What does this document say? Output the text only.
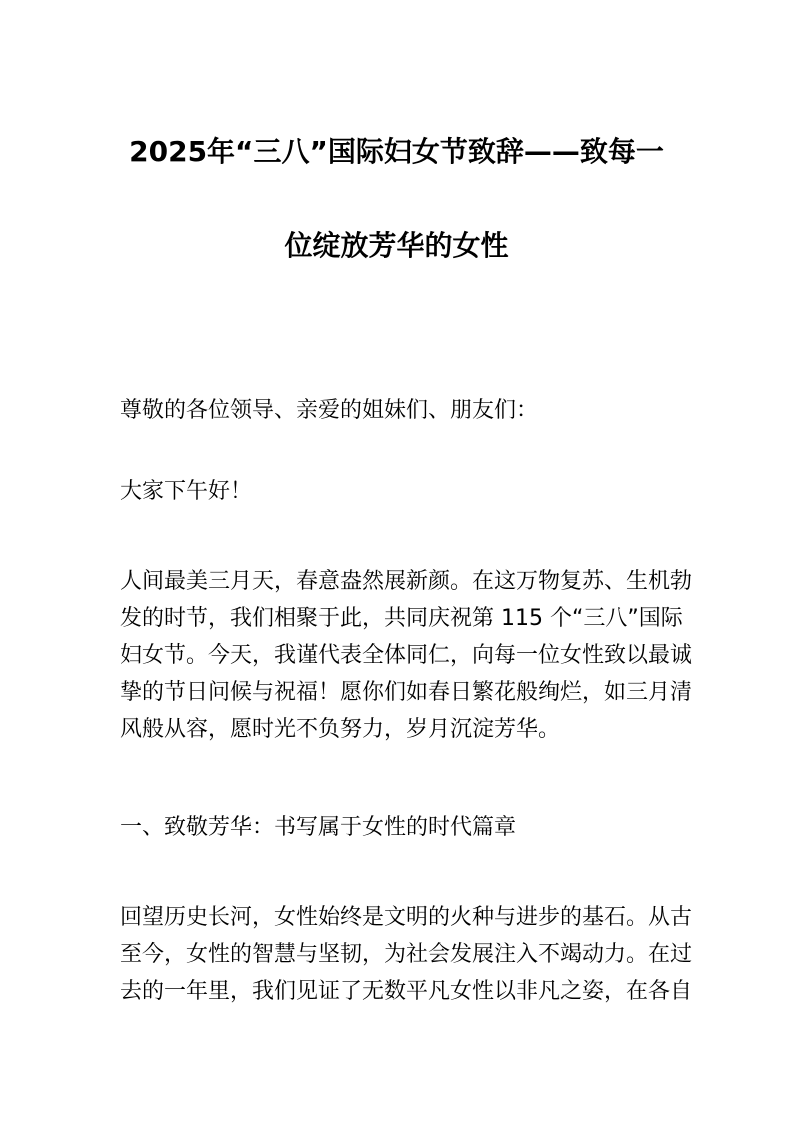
2025年“三八”国际妇女节致辞——致每一
位绽放芳华的女性
尊敬的各位领导、亲爱的姐妹们、朋友们：
大家下午好！
人间最美三月天，春意盎然展新颜。在这万物复苏、生机勃
发的时节，我们相聚于此，共同庆祝第 115 个“三八”国际
妇女节。今天，我谨代表全体同仁，向每一位女性致以最诚
挚的节日问候与祝福！愿你们如春日繁花般绚烂，如三月清
风般从容，愿时光不负努力，岁月沉淀芳华。
一、致敬芳华：书写属于女性的时代篇章
回望历史长河，女性始终是文明的火种与进步的基石。从古
至今，女性的智慧与坚韧，为社会发展注入不竭动力。在过
去的一年里，我们见证了无数平凡女性以非凡之姿，在各自
